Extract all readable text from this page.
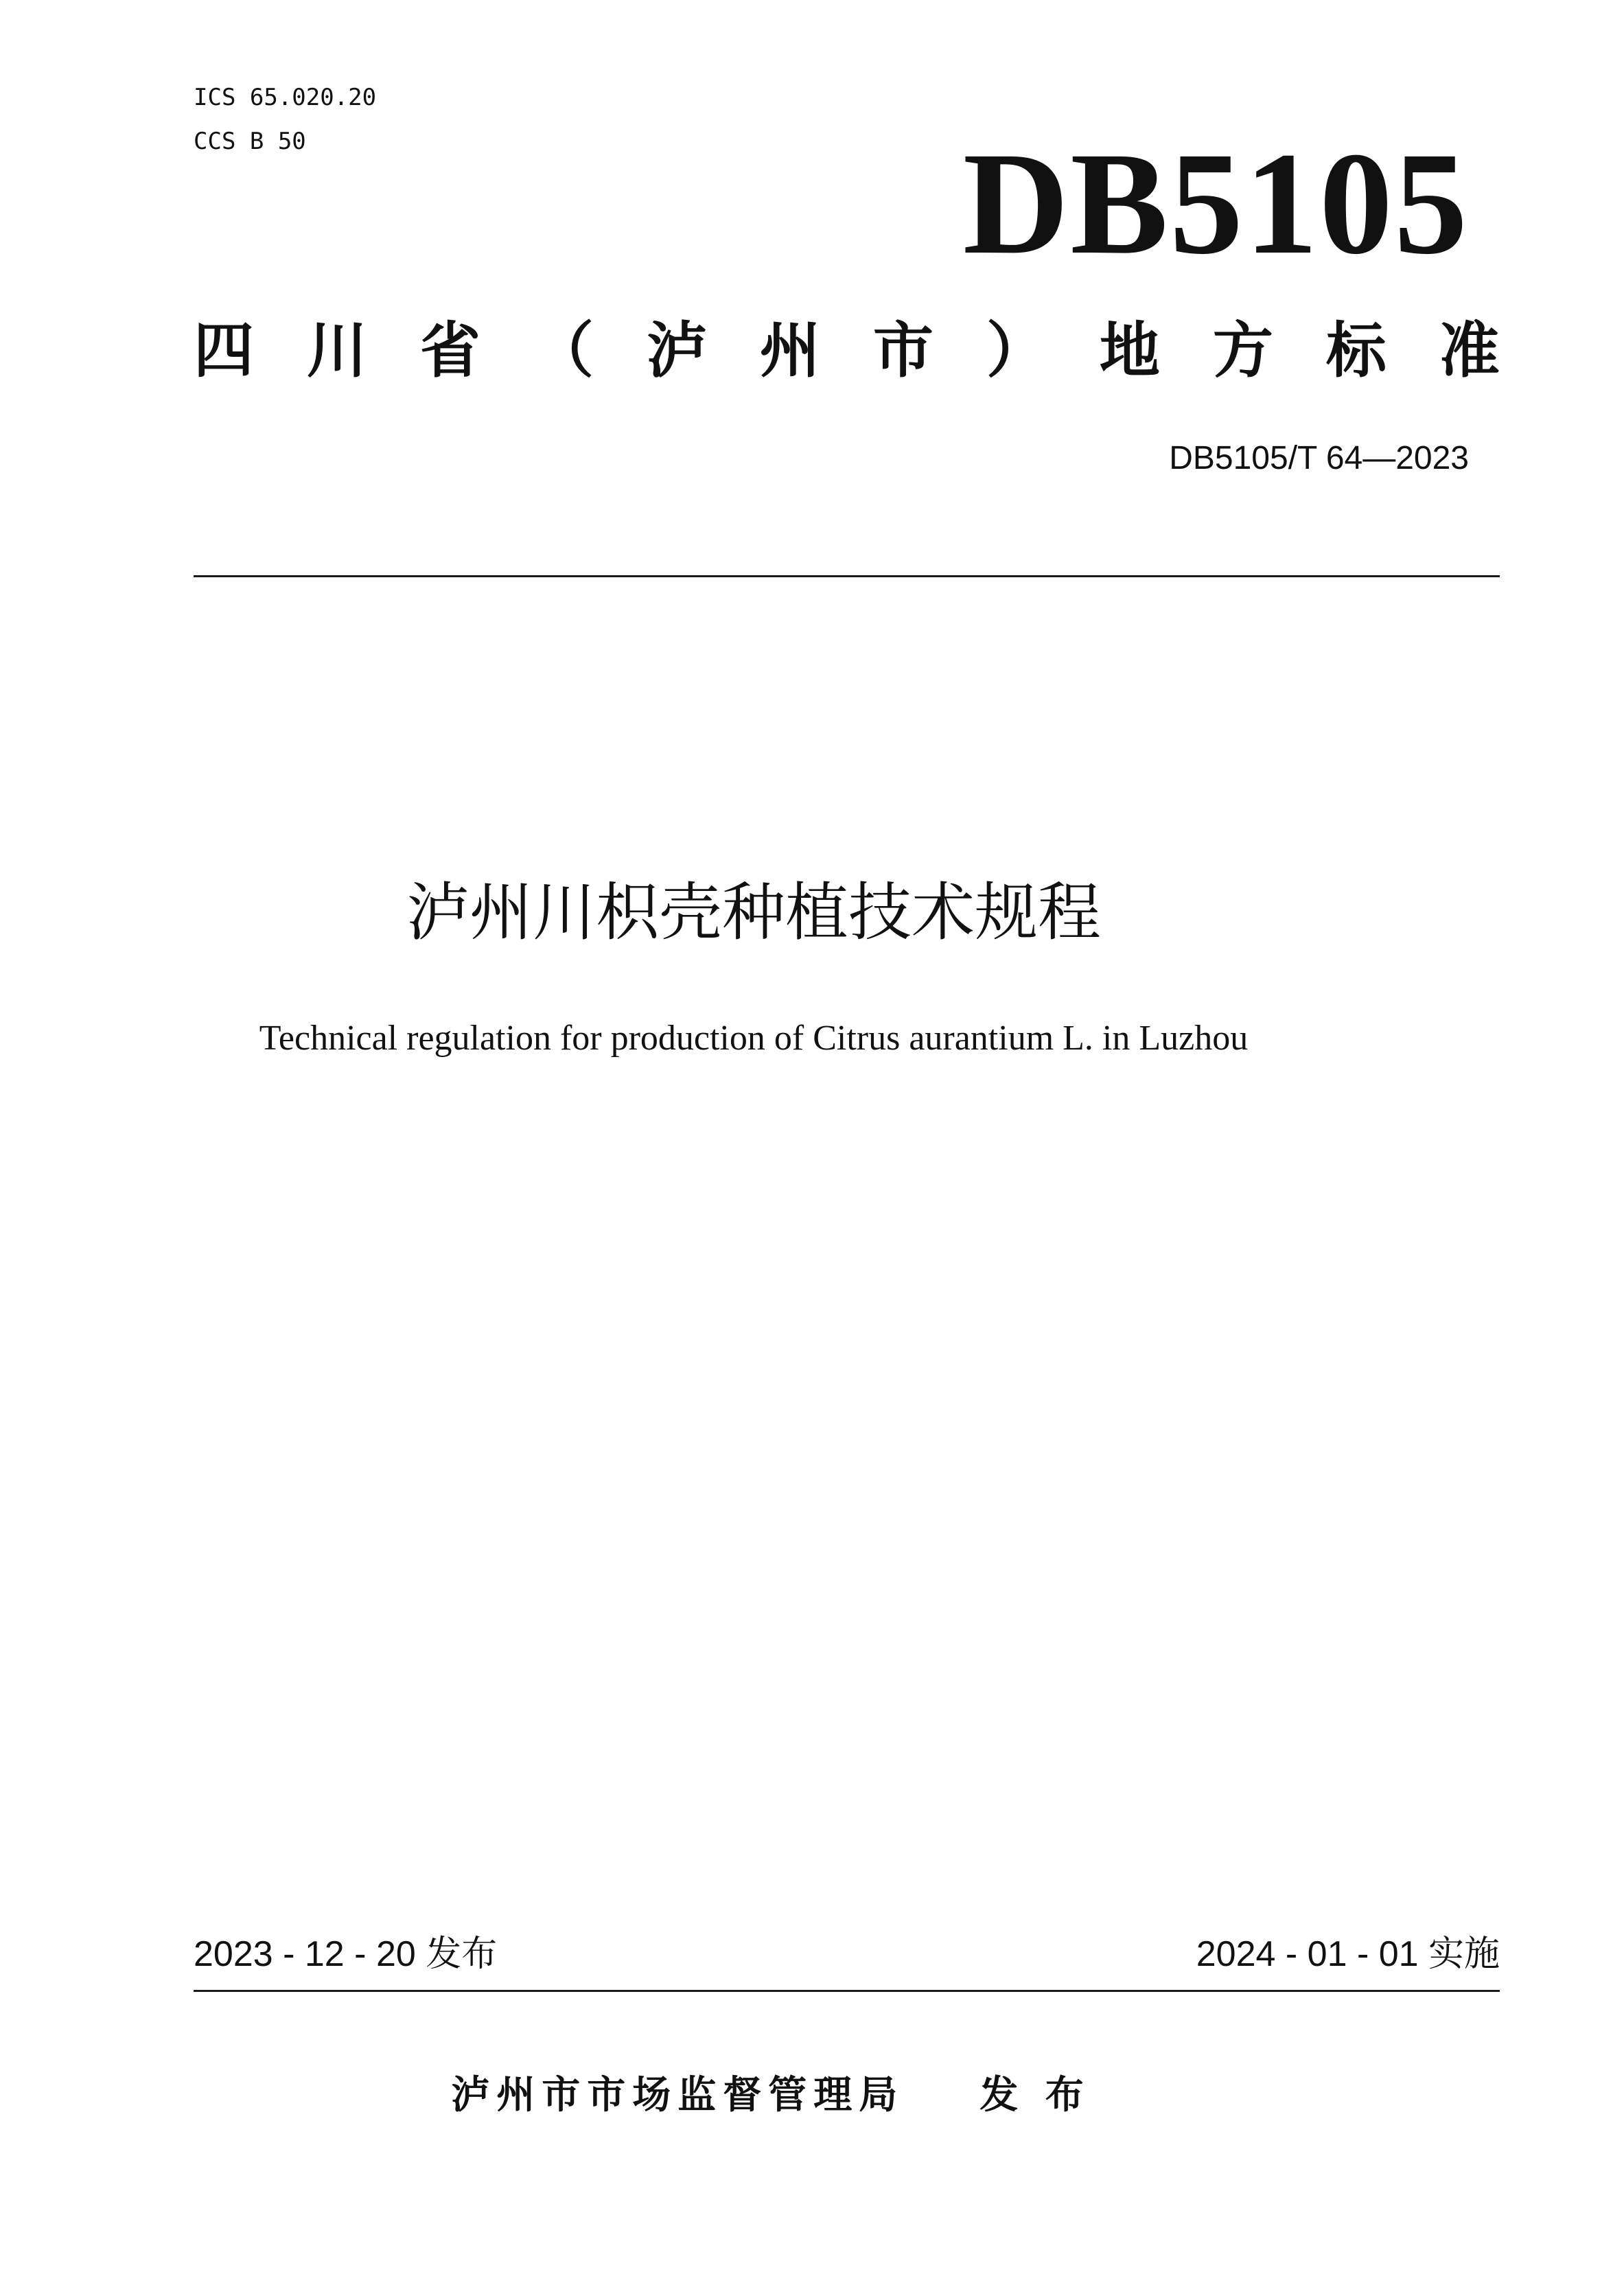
ICS 65.020.20
CCS B 50	DB5105
四 川 省 （ 泸 州 市 ） 地 方 标 准
DB5105/T 64—2023
泸州川枳壳种植技术规程
Technical regulation for production of Citrus aurantium L. in Luzhou
2023 - 12 - 20 发布	2024 - 01 - 01 实施
泸州市市场监督管理局 发 布
